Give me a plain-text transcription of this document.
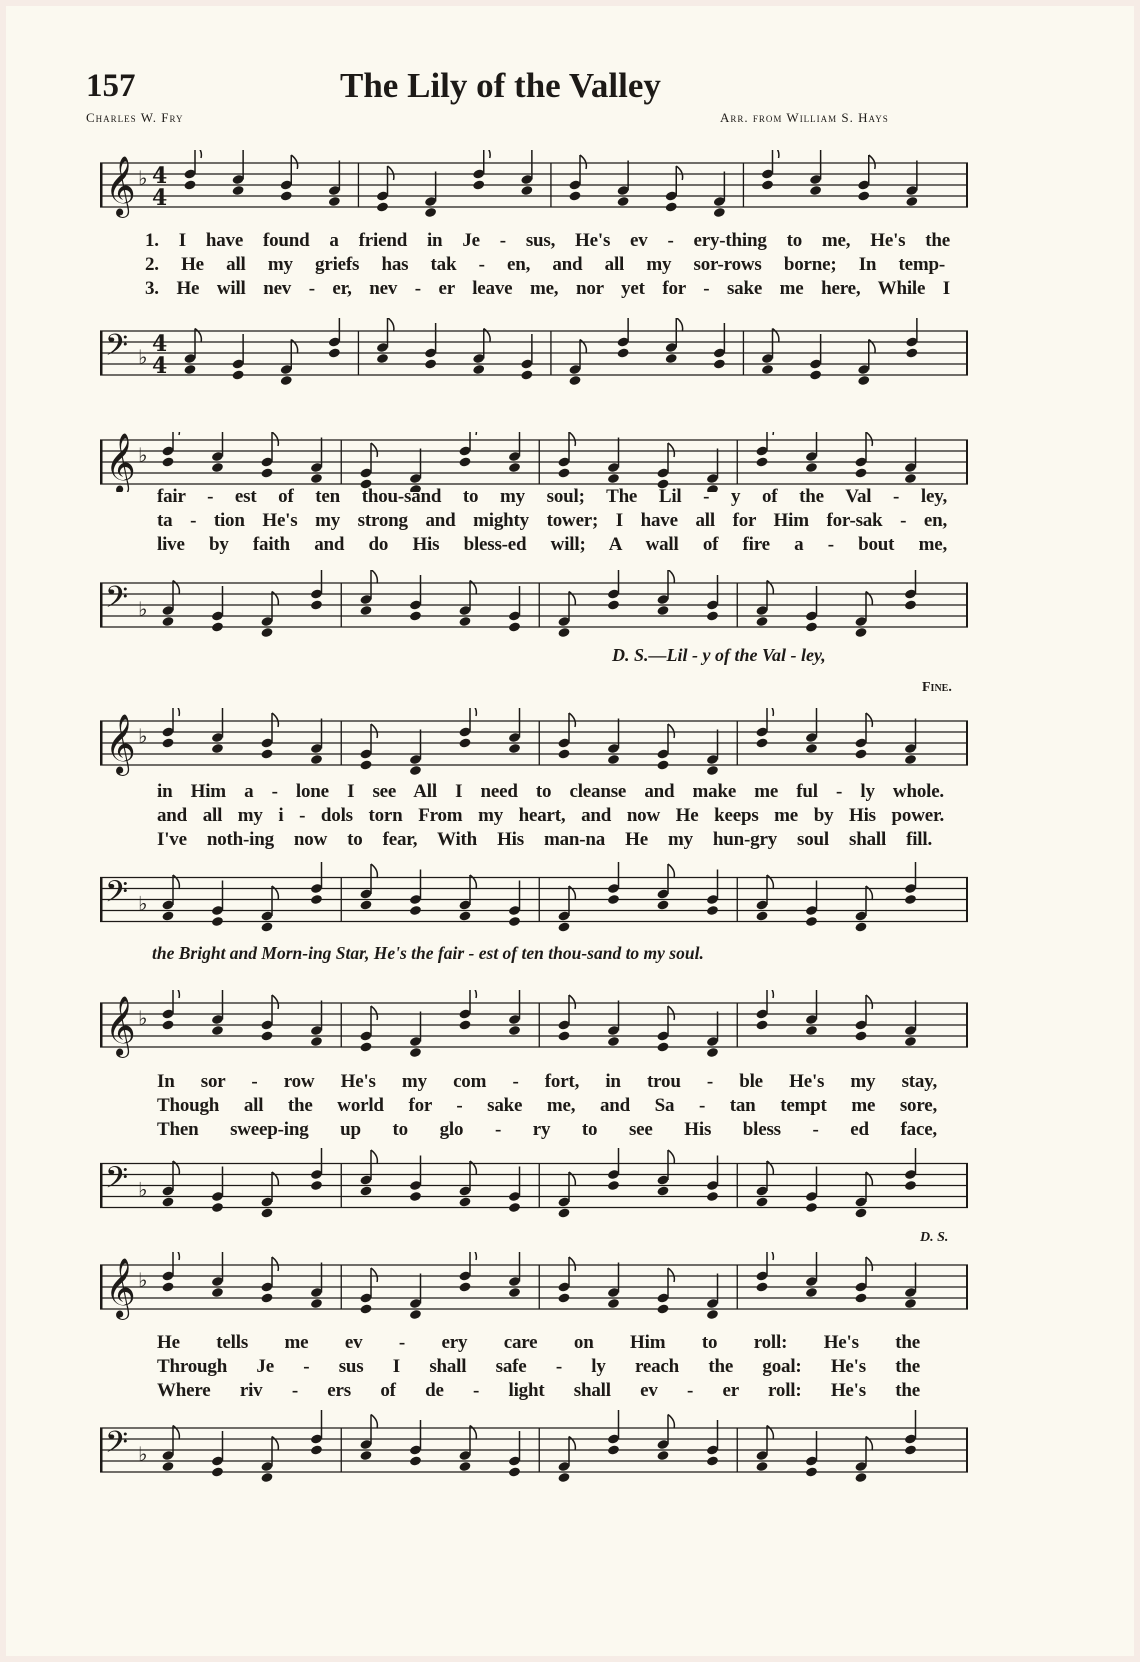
157	The Lily of the Valley
Charles W. Fry	Arr. from William S. Hays
𝄞 ♭ 4
4
1. I have found a friend in Je - sus, He's ev - ery-thing to me, He's the
2. He all my griefs has tak - en, and all my sor-rows borne; In temp-
3. He will nev - er, nev - er leave me, nor yet for - sake me here, While I
𝄢 ♭ 4
4
𝄞 ♭
fair - est of ten thou-sand to my soul; The Lil - y of the Val - ley,
ta - tion He's my strong and mighty tower; I have all for Him for-sak - en,
live by faith and do His bless-ed will; A wall of fire a - bout me,
𝄢 ♭
D. S.—Lil - y of the Val - ley,
Fine.
𝄞 ♭
in Him a - lone I see All I need to cleanse and make me ful - ly whole.
and all my i - dols torn From my heart, and now He keeps me by His power.
I've noth-ing now to fear, With His man-na He my hun-gry soul shall fill.
𝄢 ♭
the Bright and Morn-ing Star, He's the fair - est of ten thou-sand to my soul.
𝄞 ♭
In sor - row He's my com - fort, in trou - ble He's my stay,
Though all the world for - sake me, and Sa - tan tempt me sore,
Then sweep-ing up to glo - ry to see His bless - ed face,
𝄢 ♭
D. S.
𝄞 ♭
He tells me ev - ery care on Him to roll: He's the
Through Je - sus I shall safe - ly reach the goal: He's the
Where riv - ers of de - light shall ev - er roll: He's the
𝄢 ♭
